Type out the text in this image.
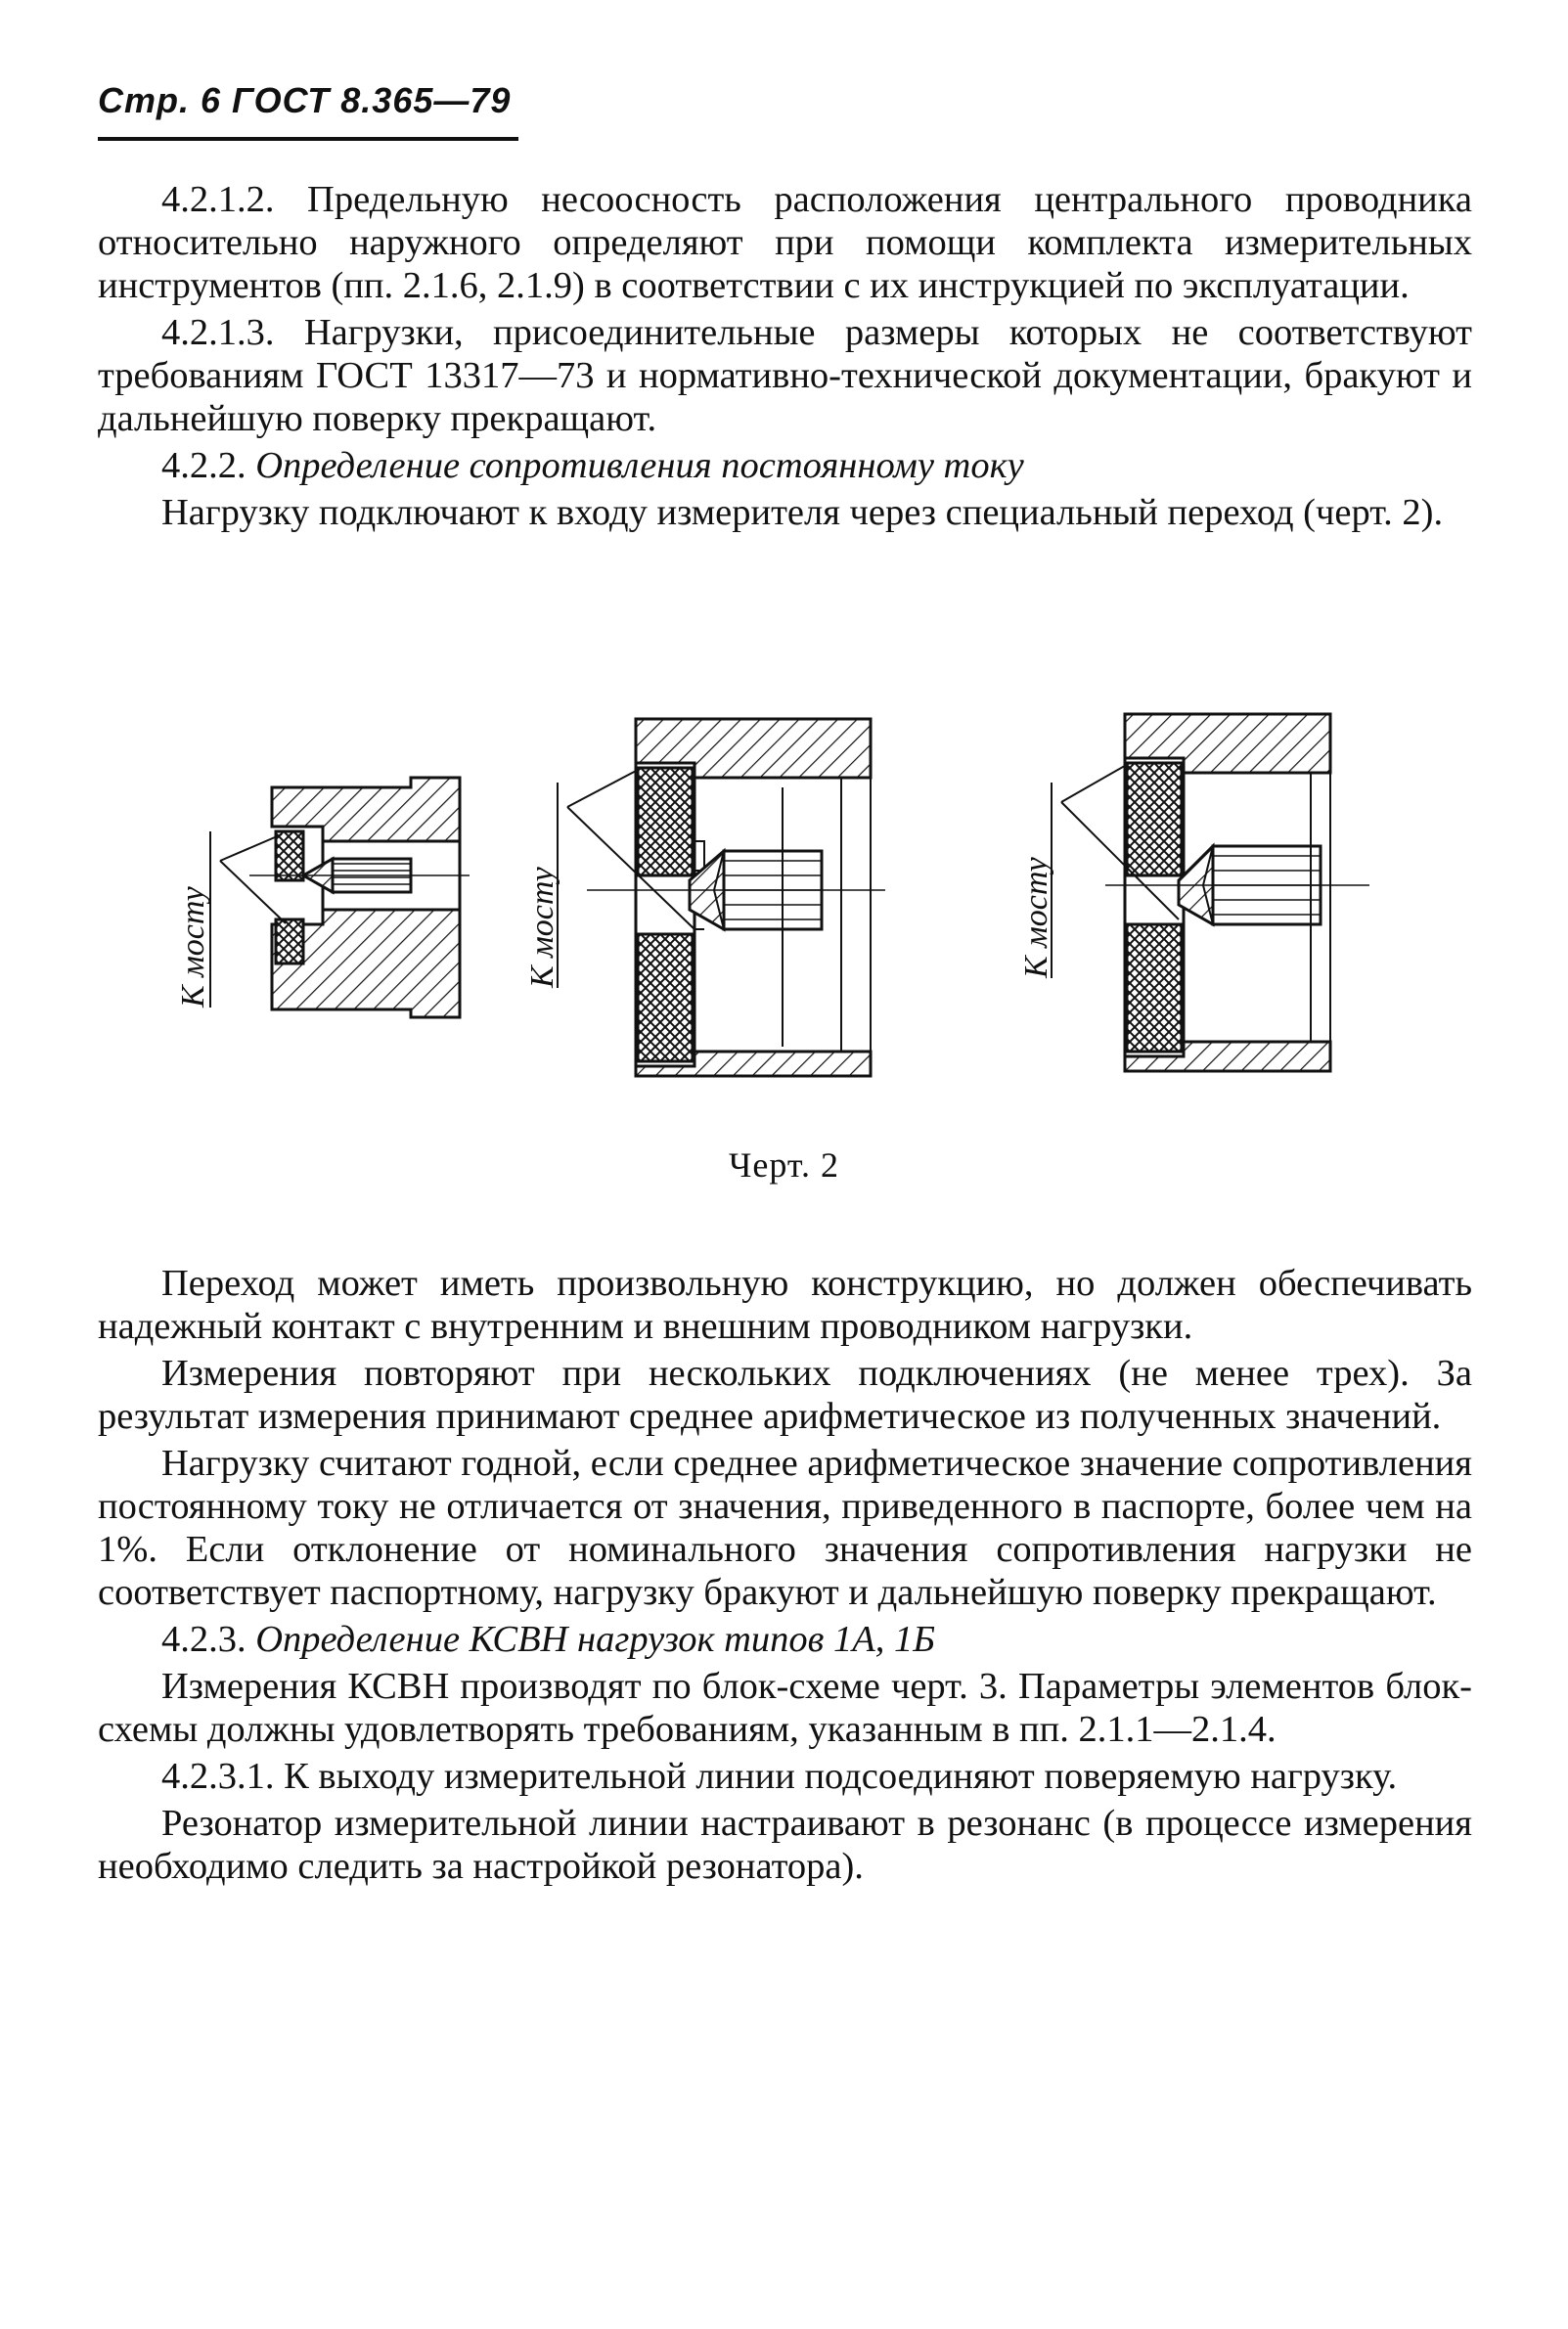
Стр. 6 ГОСТ 8.365—79

4.2.1.2. Предельную несоосность расположения центрального проводника относительно наружного определяют при помощи комплекта измерительных инструментов (пп. 2.1.6, 2.1.9) в соответствии с их инструкцией по эксплуатации.

4.2.1.3. Нагрузки, присоединительные размеры которых не соответствуют требованиям ГОСТ 13317—73 и нормативно-технической документации, бракуют и дальнейшую поверку прекращают.

4.2.2. Определение сопротивления постоянному току

Нагрузку подключают к входу измерителя через специальный переход (черт. 2).

К мосту	К мосту	К мосту
Черт. 2

Переход может иметь произвольную конструкцию, но должен обеспечивать надежный контакт с внутренним и внешним проводником нагрузки.

Измерения повторяют при нескольких подключениях (не менее трех). За результат измерения принимают среднее арифметическое из полученных значений.

Нагрузку считают годной, если среднее арифметическое значение сопротивления постоянному току не отличается от значения, приведенного в паспорте, более чем на 1%. Если отклонение от номинального значения сопротивления нагрузки не соответствует паспортному, нагрузку бракуют и дальнейшую поверку прекращают.

4.2.3. Определение КСВН нагрузок типов 1А, 1Б

Измерения КСВН производят по блок-схеме черт. 3. Параметры элементов блок-схемы должны удовлетворять требованиям, указанным в пп. 2.1.1—2.1.4.

4.2.3.1. К выходу измерительной линии подсоединяют поверяемую нагрузку.

Резонатор измерительной линии настраивают в резонанс (в процессе измерения необходимо следить за настройкой резонатора).
